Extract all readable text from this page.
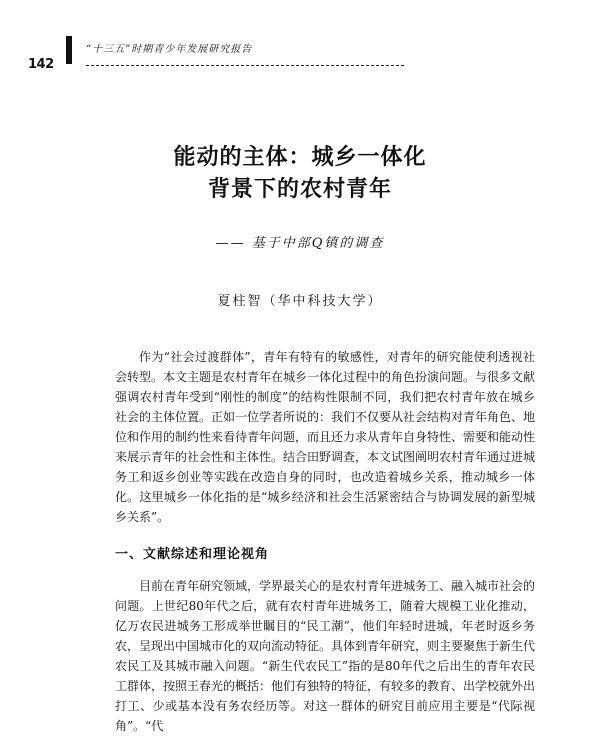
142
“十三五”时期青少年发展研究报告
能动的主体：城乡一体化
背景下的农村青年
—— 基于中部Q镇的调查
夏柱智（华中科技大学）

作为“社会过渡群体”，青年有特有的敏感性，对青年的研究能使利透视社会转型。本文主题是农村青年在城乡一体化过程中的角色扮演问题。与很多文献强调农村青年受到“刚性的制度”的结构性限制不同，我们把农村青年放在城乡社会的主体位置。正如一位学者所说的：我们不仅要从社会结构对青年角色、地位和作用的制约性来看待青年问题，而且还力求从青年自身特性、需要和能动性来展示青年的社会性和主体性。结合田野调查，本文试图阐明农村青年通过进城务工和返乡创业等实践在改造自身的同时，也改造着城乡关系，推动城乡一体化。这里城乡一体化指的是“城乡经济和社会生活紧密结合与协调发展的新型城乡关系”。

一、文献综述和理论视角

目前在青年研究领域，学界最关心的是农村青年进城务工、融入城市社会的问题。上世纪80年代之后，就有农村青年进城务工，随着大规模工业化推动，亿万农民进城务工形成举世瞩目的“民工潮”，他们年轻时进城，年老时返乡务农，呈现出中国城市化的双向流动特征。具体到青年研究，则主要聚焦于新生代农民工及其城市融入问题。“新生代农民工”指的是80年代之后出生的青年农民工群体，按照王春光的概括：他们有独特的特征，有较多的教育、出学校就外出打工、少或基本没有务农经历等。对这一群体的研究目前应用主要是“代际视角”。“代
